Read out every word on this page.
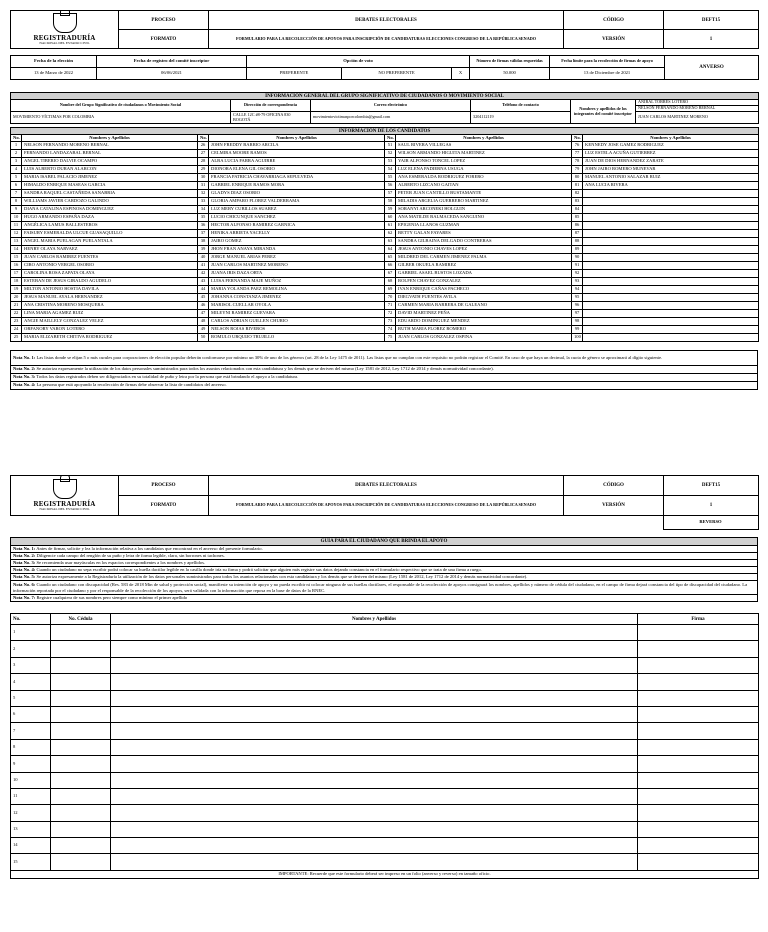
REGISTRADURÍA
NACIONAL DEL ESTADO CIVIL	PROCESO	DEBATES ELECTORALES	CÓDIGO	DEFT15
	FORMATO	FORMULARIO PARA LA RECOLECCIÓN DE APOYOS PARA INSCRIPCIÓN DE CANDIDATURAS ELECCIONES CONGRESO DE LA REPÚBLICA SENADO	VERSIÓN	1
Fecha de la elección	Fecha de registro del comité inscriptor	Opción de voto			Número de firmas válidas requeridas	Fecha límite para la recolección de firmas de apoyo	ANVERSO
13 de Marzo de 2022	06/06/2021	PREFERENTE	NO PREFERENTE	X	50.000	13 de Diciembre de 2021	
INFORMACIÓN GENERAL DEL GRUPO SIGNIFICATIVO DE CIUDADANOS O MOVIMIENTO SOCIAL					
Nombre del Grupo Significativo de ciudadanos o Movimiento Social	Dirección de correspondencia	Correo electrónico	Teléfono de contacto	Nombres y apellidos de los integrantes del comité inscriptor	ANIBAL TORRES LOTERO
					NELSON FERNANDO MORENO BERNAL
MOVIMIENTO VÍCTIMAS POR COLOMBIA	CALLE 12C #8-79 OFICINA 830 BOGOTÁ	movimientovictimasporcolombia@gmail.com	3204112119		JUAN CARLOS MARTINEZ MORENO

INFORMACIÓN DE LOS CANDIDATOS							
No.	Nombres y Apellidos	No.	Nombres y Apellidos	No.	Nombres y Apellidos	No.	Nombres y Apellidos
1	NELSON FERNANDO MORENO BERNAL	26	JOHN FREDDY BARRIO ARCILA	51	SAUL RIVERA VILLEGAS	76	KENNEDY JOSE GAMEZ RODRIGUEZ
2	FERNANDO LANDAZABAL BERNAL	27	CELMIRA MOORE RAMOS	52	WILSON ARMANDO HIGUITA MARTINEZ	77	LUZ ESTELA ACUÑA GUTIERREZ
3	ANGEL TIBERIO DALVIE OCAMPO	28	ALBA LUCIA FARRA AGUIRRE	53	YAIR ALFONSO TONCEL LOPEZ	78	JUAN DE DIOS HERNANDEZ ZARATE
4	LUIS ALBERTO DURAN ALARCON	29	DIONORA ELENA GIL OSORIO	54	LUZ ELENA PADIERNA USUGA	79	JOHN JAIRO ROMERO MUNEVAR
5	MARIA ISABEL PALACIO JIMENEZ	30	FRANCIA PATRICIA CHAVARRIAGA SEPULVEDA	55	ANA ESMERALDA RODRIGUEZ FORERO	80	MANUEL ANTONIO SALAZAR RUIZ
6	HIMALDO ENRIQUE MASEAS GARCIA	31	GABRIEL ENRIQUE RAMOS MORA	56	ALBERTO LIZCANO GAITAN	81	ANA LUCIA RIVERA
7	SANDRA RAQUEL CASTAÑEDA SANABRIA	32	GLADYS DIAZ OSORIO	57	PETER JUAN CANTILLO BUSTAMANTE	82	
8	WILLIAMS JAVIER CARDOZO GALINDO	33	GLORIA AMPARO FLOREZ VALDERRAMA	58	MILADIS ARGELIA GUERRERO MARTINEZ	83	
9	DIANA CATALINA ESPINOSA DOMINGUEZ	34	LUZ MERY CUBILLOS SUAREZ	59	SORANYI ARCONEKI HOLGUIN	84	
10	HUGO ARMANDO ESPAÑA DAZA	35	LUCIO CHICUNQUE SANCHEZ	60	ANA MATILDE BALMACEDA SANGUINO	85	
11	ANGÉLICA LAMUS BALLESTEROS	36	HECTOR ALFONSO RAMIREZ GARNICA	61	EPIGENIA LLANOS GUZMAN	86	
12	FAISURY ESMERALDA ULCUE GUASAQUILLO	37	HENIKA ARRIETA YACELLY	62	BETTY GALAN FAYARES	87	
13	ANGEL MARIA PUELAGAN PUELANTALA	38	JAIRO GOMEZ	63	SANDRA GILBAINA DELGADO CONTRERAS	88	
14	HENRY OLAYA NARVAEZ	39	JHON FRAN ANAYA MIRANDA	64	JESUS ANTONIO CHAVES LOPEZ	89	
15	JUAN CARLOS RAMIREZ FUENTES	40	JORGE MANUEL ARIAS PEREZ	65	MILDRED DEL CARMEN JIMENEZ PALMA	90	
16	CIRO ANTONIO VERGEL OSORIO	41	JUAN CARLOS MARTINEZ MORENO	66	GILBER OKUELA RAMIREZ	91	
17	CAROLINA ROSA ZAPATA OLAYA	42	JUANA IRIS DAZA ORTA	67	GABRIEL ASAEL BUSTOS LOZADA	92	
18	ESTEBAN DE JESUS GIRALDO AGUDELO	43	LUISA FERNANDA MAJE MUÑOZ	68	ROLFEN CHAVEZ GONZALEZ	93	
19	MILTON ANTONIO HOSTIA DAVILA	44	MARIA YOLANDA PAEZ REMOLINA	69	IVAN ENRIQUE CAÑAS PACHECO	94	
20	JESUS MANUEL AYALA HERNANDEZ	45	JOHANNA CONSTANZA JIMENEZ	70	DIEGVATH FUENTES AVILA	95	
21	ANA CRISTINA MORENO MOSQUERA	46	MARISOL CUELLAR OYOLA	71	CARMEN MARIA BARRERA DE GALEANO	96	
22	LINA MARIA AGAMEZ RUIZ	47	MILEYNI RAMIREZ GUEVARA	72	DAVID MARTINEZ PEÑA	97	
23	ANGIE MAILLELY GONZALEZ VELEZ	48	CARLOS ADRIAN GUILLEN CHURIO	73	EDUARDO DOMINGUEZ MENDEZ	98	
24	ORFANORY VARON LOTERO	49	NELSON ROJAS RIVEROS	74	RUTH MARIA FLOREZ ROMERO	99	
25	MARIA ELIZABETH CHITIVA RODRIGUEZ	50	ROMULO URQUIJO TRUJILLO	75	JUAN CARLOS GONZALEZ OSPINA	100	
Nota No. 1: Las listas donde se elijan 5 o más curules para corporaciones de elección popular deberán conformarse por mínimo un 30% de uno de los géneros (art. 28 de la Ley 1475 de 2011). Las listas que no cumplan con este requisito no podrán registrar el Comité. En caso de que haya un decimal, la cuota de género se aproximará al dígito siguiente.
Nota No. 2: Se autoriza expresamente la utilización de los datos personales suministrados para todos los asuntos relacionados con esta candidatura y los demás que se deriven del mismo (Ley 1581 de 2012, Ley 1712 de 2014 y demás normatividad concordante).
Nota No. 3: Todos los datos registrados deben ser diligenciados en su totalidad de puño y letra por la persona que está brindando el apoyo a la candidatura.
Nota No. 4: La persona que está apoyando la recolección de firmas debe observar la lista de candidatos del anverso.
REGISTRADURÍA
NACIONAL DEL ESTADO CIVIL	PROCESO	DEBATES ELECTORALES	CÓDIGO	DEFT15
	FORMATO	FORMULARIO PARA LA RECOLECCIÓN DE APOYOS PARA INSCRIPCIÓN DE CANDIDATURAS ELECCIONES CONGRESO DE LA REPÚBLICA SENADO	VERSIÓN	1
	REVERSO
GUIA PARA EL CIUDADANO QUE BRINDA EL APOYO
Nota No. 1: Antes de firmar, solicite y lea la información relativa a los candidatos que encontrará en el anverso del presente formulario.
Nota No. 2: Diligencie cada campo del renglón de su puño y letra de forma legible, clara, sin borrones ni tachones.
Nota No. 3: Se recomienda usar mayúsculas en los espacios correspondientes a los nombres y apellidos.
Nota No. 4: Cuando un ciudadano no sepa escribir podrá colocar su huella dactilar legible en la casilla donde iría su firma y podrá solicitar que alguien más registre sus datos dejando constancia en el formulario respectivo que se trata de una firma a ruego.
Nota No. 5: Se autoriza expresamente a la Registraduría la utilización de los datos personales suministrados para todos los asuntos relacionados con esta candidatura y los demás que se deriven del mismo (Ley 1581 de 2012, Ley 1712 de 2014 y demás normatividad concordante).
Nota No. 6: Cuando un ciudadano con discapacidad (Res. 583 de 2018 Min de salud y protección social), manifieste su intención de apoyo y no pueda escribir ni colocar ninguna de sus huellas dactilares, el responsable de la recolección de apoyos consignará los nombres, apellidos y número de cédula del ciudadano, en el campo de firma dejará constancia del tipo de discapacidad del ciudadano. La información reportada por el ciudadano y por el responsable de la recolección de los apoyos, será validada con la información que reposa en la base de datos de la RNEC.
Nota No. 7: Registre cualquiera de sus nombres pero siempre como mínimo el primer apellido
No.	No. Cédula	Nombres y Apellidos	Firma
1			
2			
3			
4			
5			
6			
7			
8			
9			
10			
11			
12			
13			
14			
15			
IMPORTANTE: Recuerde que este formulario deberá ser impreso en un folio (anverso y reverso) en tamaño oficio.			
